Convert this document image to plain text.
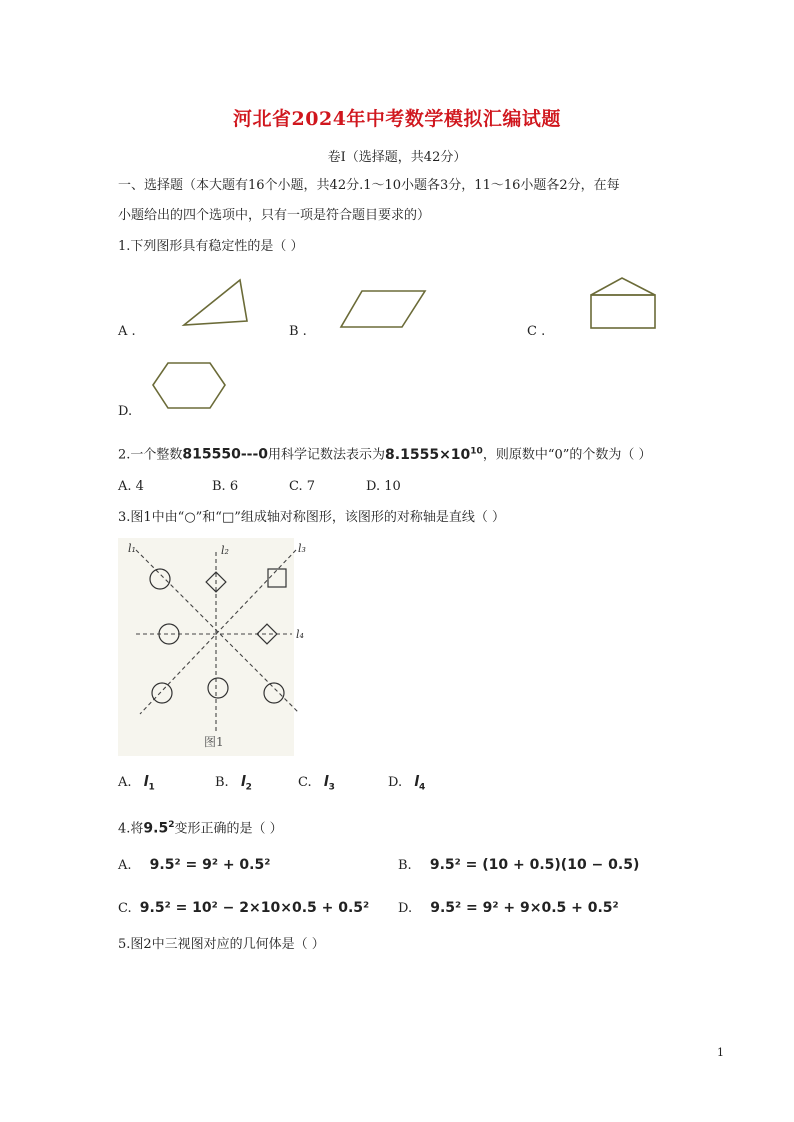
河北省2024年中考数学模拟汇编试题
卷Ⅰ（选择题，共42分）
一、选择题（本大题有16个小题，共42分.1～10小题各3分，11～16小题各2分，在每
小题给出的四个选项中，只有一项是符合题目要求的）
1.下列图形具有稳定性的是（ ）
A .	B .	C .
D.
2.一个整数815550---0用科学记数法表示为$8.1555\times 10^{10}$，则原数中“0”的个数为（ ）
A. 4	B. 6	C. 7	D. 10
3.图1中由“○”和“□”组成轴对称图形，该图形的对称轴是直线（ ）
l₁	l₂	l₃
l₄
图1
A. $l_1$	B. $l_2$	C. $l_3$	D. $l_4$
4.将$9.5^2$变形正确的是（ ）
A. 9.5² = 9² + 0.5²	B. 9.5² = (10 + 0.5)(10 − 0.5)
C. 9.5² = 10² − 2×10×0.5 + 0.5² D. 9.5² = 9² + 9×0.5 + 0.5²
5.图2中三视图对应的几何体是（ ）
1
